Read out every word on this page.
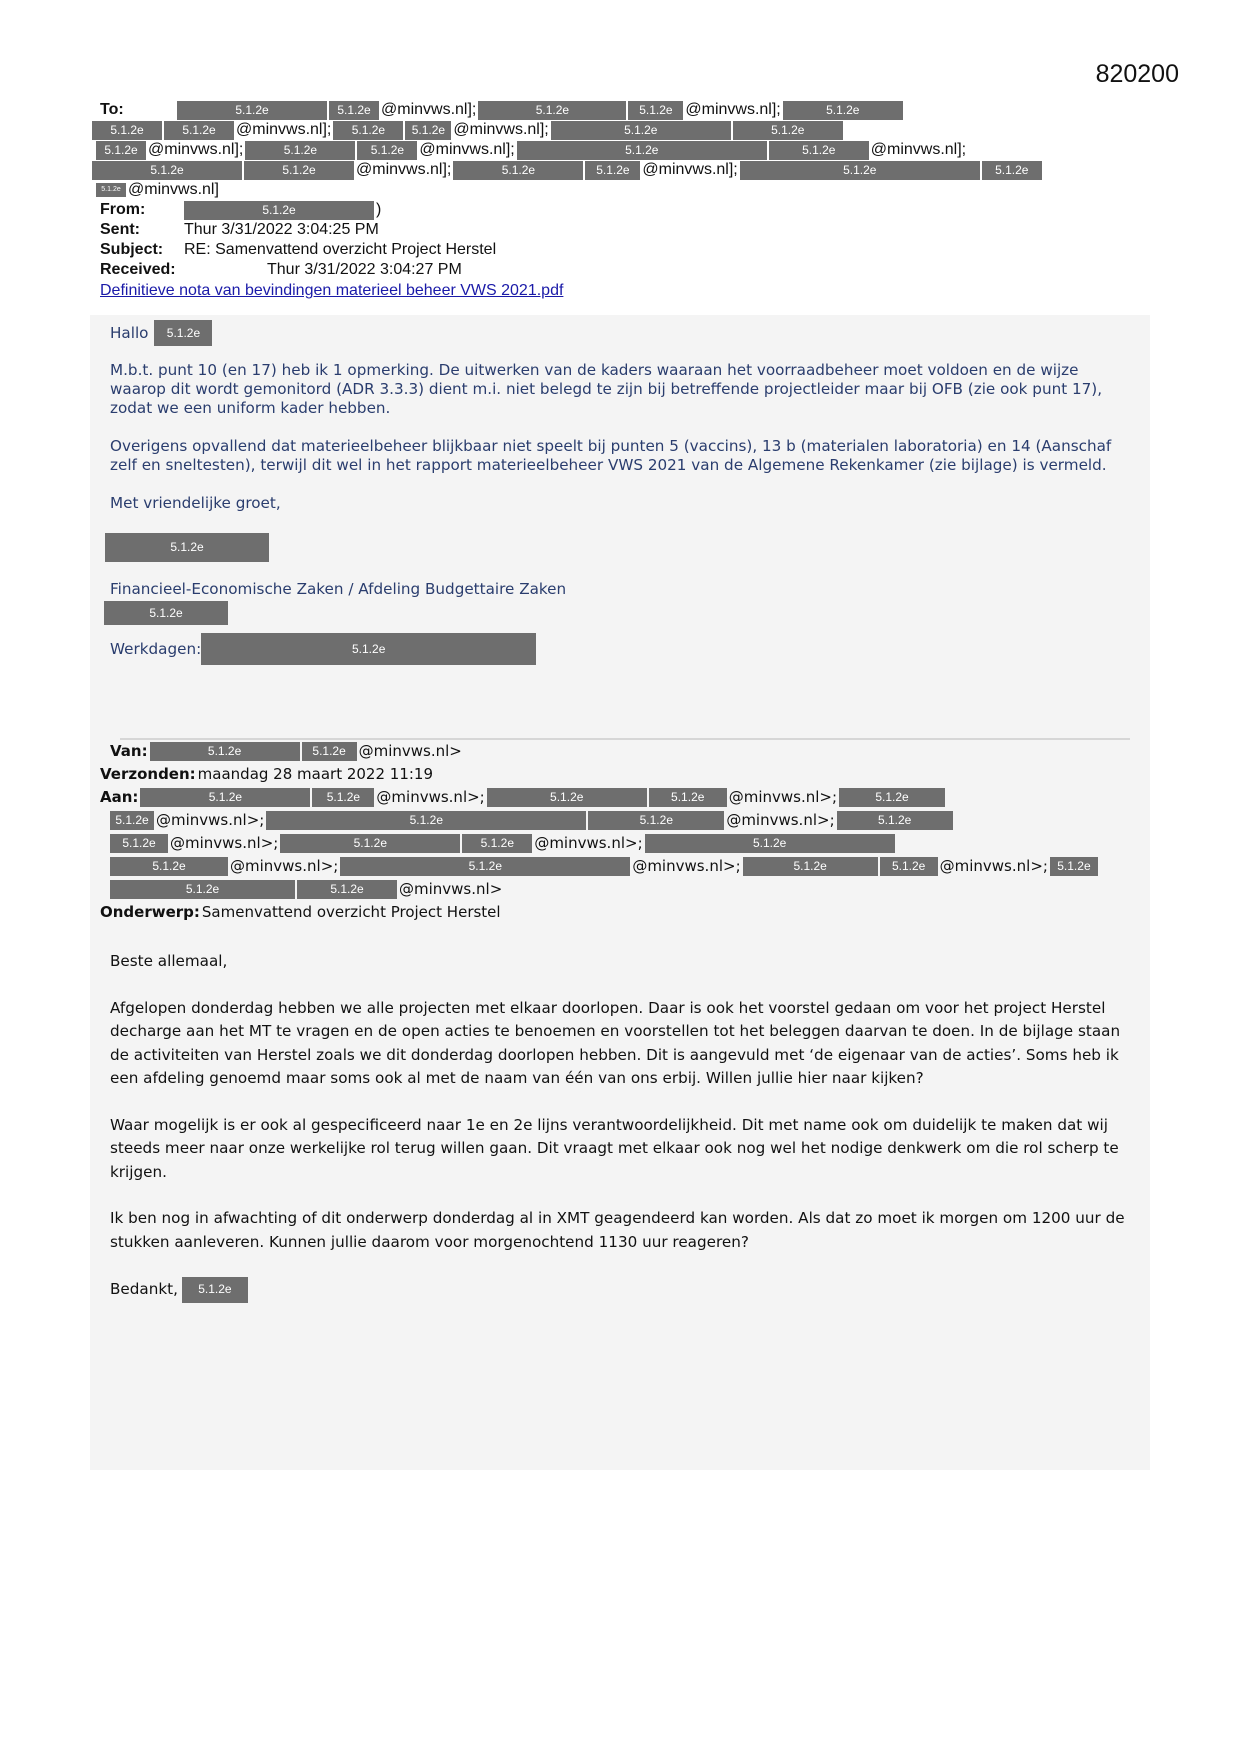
820200
To:	5.1.2e	5.1.2e @minvws.nl];	5.1.2e	5.1.2e @minvws.nl];	5.1.2e
5.1.2e	5.1.2e	@minvws.nl];	5.1.2e	5.1.2e @minvws.nl];	5.1.2e	5.1.2e
5.1.2e @minvws.nl];	5.1.2e	5.1.2e @minvws.nl];	5.1.2e	5.1.2e	@minvws.nl];
5.1.2e	5.1.2e	@minvws.nl];	5.1.2e	5.1.2e @minvws.nl];	5.1.2e	5.1.2e
5.1.2e @minvws.nl]
From:	5.1.2e	)
Sent:	Thur 3/31/2022 3:04:25 PM
Subject:	RE: Samenvattend overzicht Project Herstel
Received:	Thur 3/31/2022 3:04:27 PM
Definitieve nota van bevindingen materieel beheer VWS 2021.pdf

Hallo	5.1.2e

M.b.t. punt 10 (en 17) heb ik 1 opmerking. De uitwerken van de kaders waaraan het voorraadbeheer moet voldoen en de wijze waarop dit wordt gemonitord (ADR 3.3.3) dient m.i. niet belegd te zijn bij betreffende projectleider maar bij OFB (zie ook punt 17), zodat we een uniform kader hebben.

Overigens opvallend dat materieelbeheer blijkbaar niet speelt bij punten 5 (vaccins), 13 b (materialen laboratoria) en 14 (Aanschaf zelf en sneltesten), terwijl dit wel in het rapport materieelbeheer VWS 2021 van de Algemene Rekenkamer (zie bijlage) is vermeld.

Met vriendelijke groet,

5.1.2e

Financieel-Economische Zaken / Afdeling Budgettaire Zaken

5.1.2e

Werkdagen:	5.1.2e

Van:	5.1.2e	5.1.2e @minvws.nl>
Verzonden: maandag 28 maart 2022 11:19
Aan:	5.1.2e	5.1.2e	@minvws.nl>;	5.1.2e	5.1.2e	@minvws.nl>;	5.1.2e
5.1.2e @minvws.nl>;	5.1.2e	5.1.2e	@minvws.nl>;	5.1.2e
5.1.2e @minvws.nl>;	5.1.2e	5.1.2e	@minvws.nl>;	5.1.2e
5.1.2e	@minvws.nl>;	5.1.2e	@minvws.nl>;	5.1.2e	5.1.2e @minvws.nl>; 5.1.2e
5.1.2e	5.1.2e	@minvws.nl>
Onderwerp: Samenvattend overzicht Project Herstel

Beste allemaal,

Afgelopen donderdag hebben we alle projecten met elkaar doorlopen. Daar is ook het voorstel gedaan om voor het project Herstel decharge aan het MT te vragen en de open acties te benoemen en voorstellen tot het beleggen daarvan te doen. In de bijlage staan de activiteiten van Herstel zoals we dit donderdag doorlopen hebben. Dit is aangevuld met ‘de eigenaar van de acties’. Soms heb ik een afdeling genoemd maar soms ook al met de naam van één van ons erbij. Willen jullie hier naar kijken?

Waar mogelijk is er ook al gespecificeerd naar 1e en 2e lijns verantwoordelijkheid. Dit met name ook om duidelijk te maken dat wij steeds meer naar onze werkelijke rol terug willen gaan. Dit vraagt met elkaar ook nog wel het nodige denkwerk om die rol scherp te krijgen.

Ik ben nog in afwachting of dit onderwerp donderdag al in XMT geagendeerd kan worden. Als dat zo moet ik morgen om 1200 uur de stukken aanleveren. Kunnen jullie daarom voor morgenochtend 1130 uur reageren?

Bedankt,	5.1.2e
